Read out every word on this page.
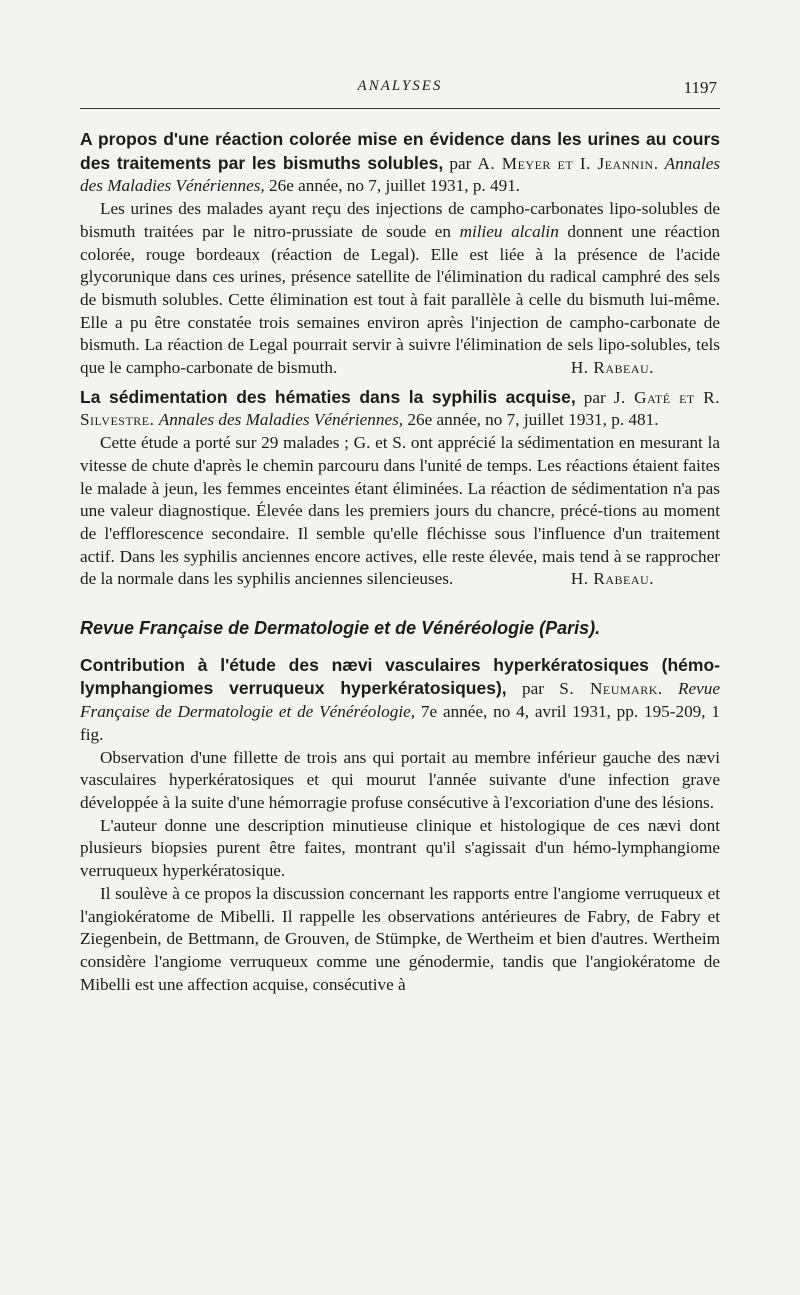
ANALYSES	1197

A propos d'une réaction colorée mise en évidence dans les urines au cours des traitements par les bismuths solubles, par A. Meyer et I. Jeannin. Annales des Maladies Vénériennes, 26e année, no 7, juillet 1931, p. 491.

Les urines des malades ayant reçu des injections de campho-carbonates lipo-solubles de bismuth traitées par le nitro-prussiate de soude en milieu alcalin donnent une réaction colorée, rouge bordeaux (réaction de Legal). Elle est liée à la présence de l'acide glycorunique dans ces urines, présence satellite de l'élimination du radical camphré des sels de bismuth solubles. Cette élimination est tout à fait parallèle à celle du bismuth lui-même. Elle a pu être constatée trois semaines environ après l'injection de campho-carbonate de bismuth. La réaction de Legal pourrait servir à suivre l'élimination de sels lipo-solubles, tels que le campho-carbonate de bismuth.	H. Rabeau.

La sédimentation des hématies dans la syphilis acquise, par J. Gaté et R. Silvestre. Annales des Maladies Vénériennes, 26e année, no 7, juillet 1931, p. 481.

Cette étude a porté sur 29 malades ; G. et S. ont apprécié la sédimentation en mesurant la vitesse de chute d'après le chemin parcouru dans l'unité de temps. Les réactions étaient faites le malade à jeun, les femmes enceintes étant éliminées. La réaction de sédimentation n'a pas une valeur diagnostique. Élevée dans les premiers jours du chancre, précé-tions au moment de l'efflorescence secondaire. Il semble qu'elle fléchisse sous l'influence d'un traitement actif. Dans les syphilis anciennes encore actives, elle reste élevée, mais tend à se rapprocher de la normale dans les syphilis anciennes silencieuses.	H. Rabeau.

Revue Française de Dermatologie et de Vénéréologie (Paris).

Contribution à l'étude des nævi vasculaires hyperkératosiques (hémo-lymphangiomes verruqueux hyperkératosiques), par S. Neumark. Revue Française de Dermatologie et de Vénéréologie, 7e année, no 4, avril 1931, pp. 195-209, 1 fig.

Observation d'une fillette de trois ans qui portait au membre inférieur gauche des nævi vasculaires hyperkératosiques et qui mourut l'année suivante d'une infection grave développée à la suite d'une hémorragie profuse consécutive à l'excoriation d'une des lésions.

L'auteur donne une description minutieuse clinique et histologique de ces nævi dont plusieurs biopsies purent être faites, montrant qu'il s'agissait d'un hémo-lymphangiome verruqueux hyperkératosique.

Il soulève à ce propos la discussion concernant les rapports entre l'angiome verruqueux et l'angiokératome de Mibelli. Il rappelle les observations antérieures de Fabry, de Fabry et Ziegenbein, de Bettmann, de Grouven, de Stümpke, de Wertheim et bien d'autres. Wertheim considère l'angiome verruqueux comme une génodermie, tandis que l'angiokératome de Mibelli est une affection acquise, consécutive à
